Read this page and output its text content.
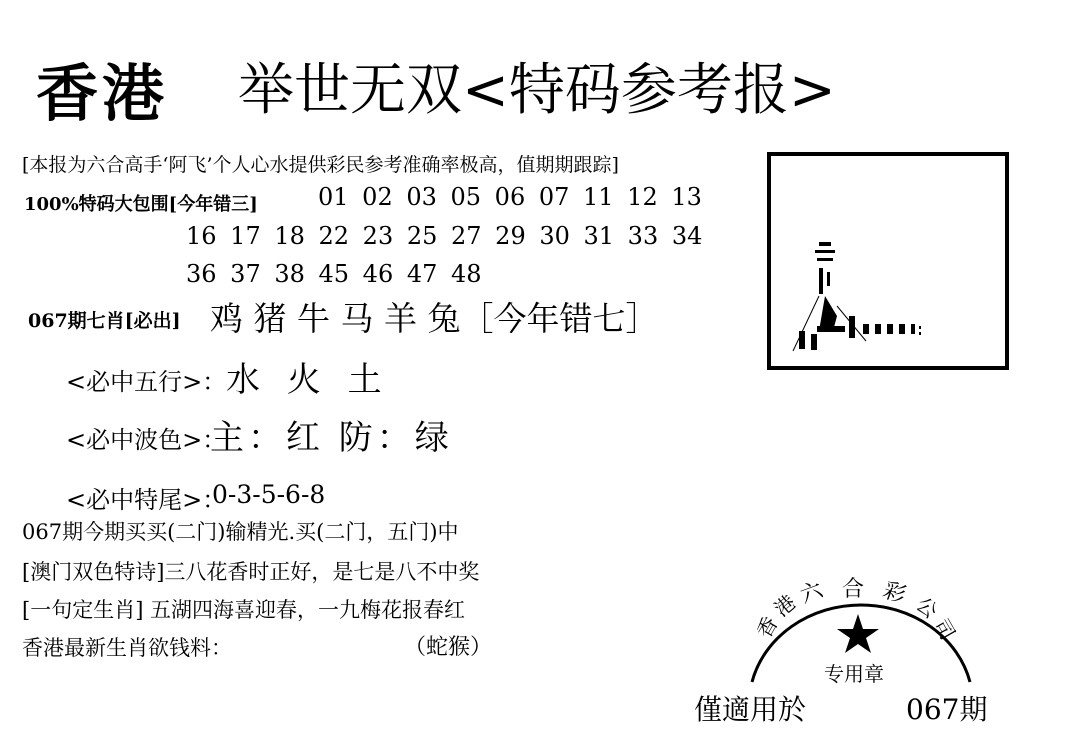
香港 举世无双<特码参考报>
[本报为六合高手‘阿飞’个人心水提供彩民参考准确率极高，值期期跟踪]
100%特码大包围[今年错三]	01 02 03 05 06 07 11 12 13
16 17 18 22 23 25 27 29 30 31 33 34
36 37 38 45 46 47 48
067期七肖[必出] 鸡 猪 牛 马 羊 兔［今年错七］
<必中五行>： 水 火 土
<必中波色>：
主：红 防：绿
<必中特尾>：
0-3-5-6-8
067期今期买买(二门)输精光.买(二门，五门)中
[澳门双色特诗]三八花香时正好，是七是八不中奖
[一句定生肖] 五湖四海喜迎春，一九梅花报春红
香港最新生肖欲钱料：	（蛇猴）
香
港
六 合 彩 公
司
专用章
僅適用於	067期
